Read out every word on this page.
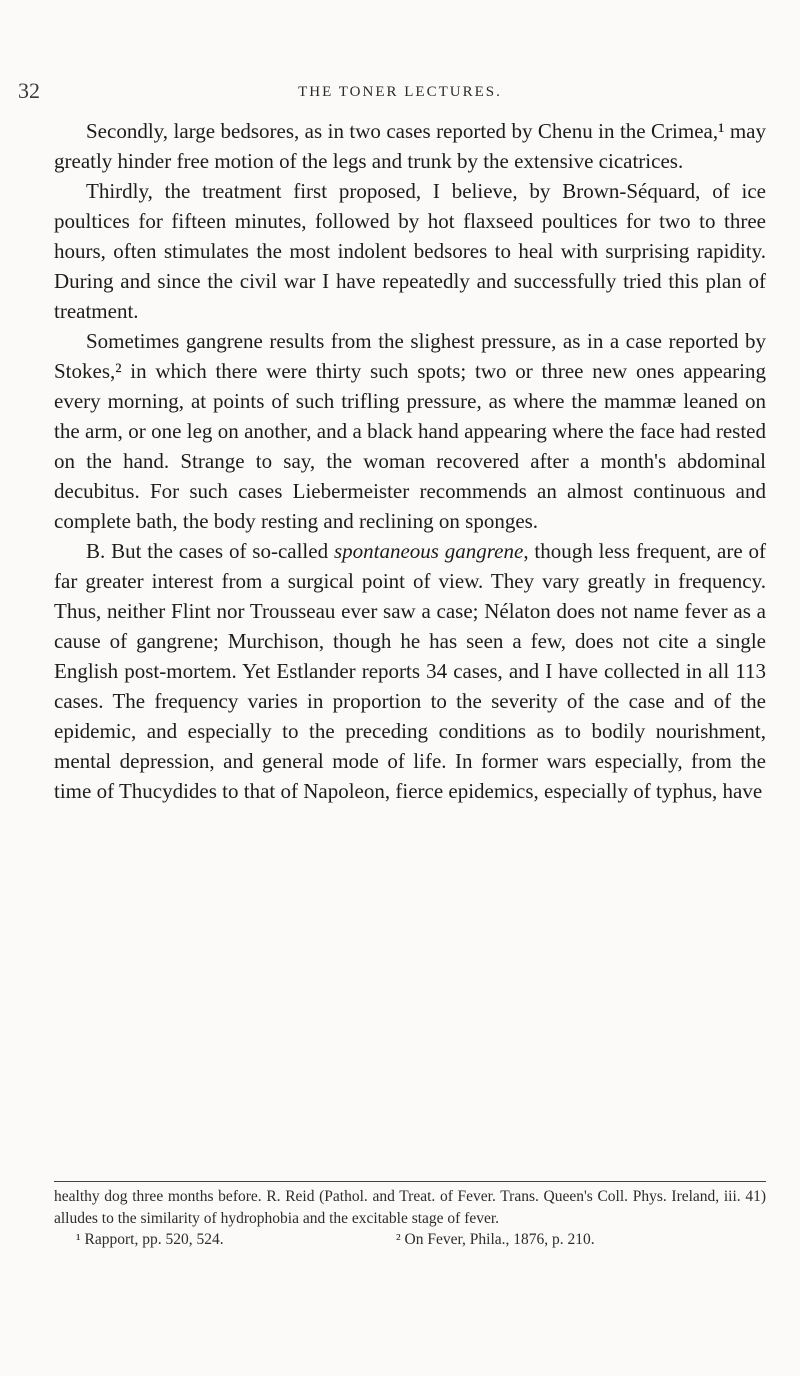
32	THE TONER LECTURES.

Secondly, large bedsores, as in two cases reported by Chenu in the Crimea,¹ may greatly hinder free motion of the legs and trunk by the extensive cicatrices.

Thirdly, the treatment first proposed, I believe, by Brown-Séquard, of ice poultices for fifteen minutes, followed by hot flaxseed poultices for two to three hours, often stimulates the most indolent bedsores to heal with surprising rapidity. During and since the civil war I have repeatedly and successfully tried this plan of treatment.

Sometimes gangrene results from the slighest pressure, as in a case reported by Stokes,² in which there were thirty such spots; two or three new ones appearing every morning, at points of such trifling pressure, as where the mammæ leaned on the arm, or one leg on another, and a black hand appearing where the face had rested on the hand. Strange to say, the woman recovered after a month's abdominal decubitus. For such cases Liebermeister recommends an almost continuous and complete bath, the body resting and reclining on sponges.

B. But the cases of so-called spontaneous gangrene, though less frequent, are of far greater interest from a surgical point of view. They vary greatly in frequency. Thus, neither Flint nor Trousseau ever saw a case; Nélaton does not name fever as a cause of gangrene; Murchison, though he has seen a few, does not cite a single English post-mortem. Yet Estlander reports 34 cases, and I have collected in all 113 cases. The frequency varies in proportion to the severity of the case and of the epidemic, and especially to the preceding conditions as to bodily nourishment, mental depression, and general mode of life. In former wars especially, from the time of Thucydides to that of Napoleon, fierce epidemics, especially of typhus, have

healthy dog three months before. R. Reid (Pathol. and Treat. of Fever. Trans. Queen's Coll. Phys. Ireland, iii. 41) alludes to the similarity of hydrophobia and the excitable stage of fever.

¹ Rapport, pp. 520, 524.	² On Fever, Phila., 1876, p. 210.
